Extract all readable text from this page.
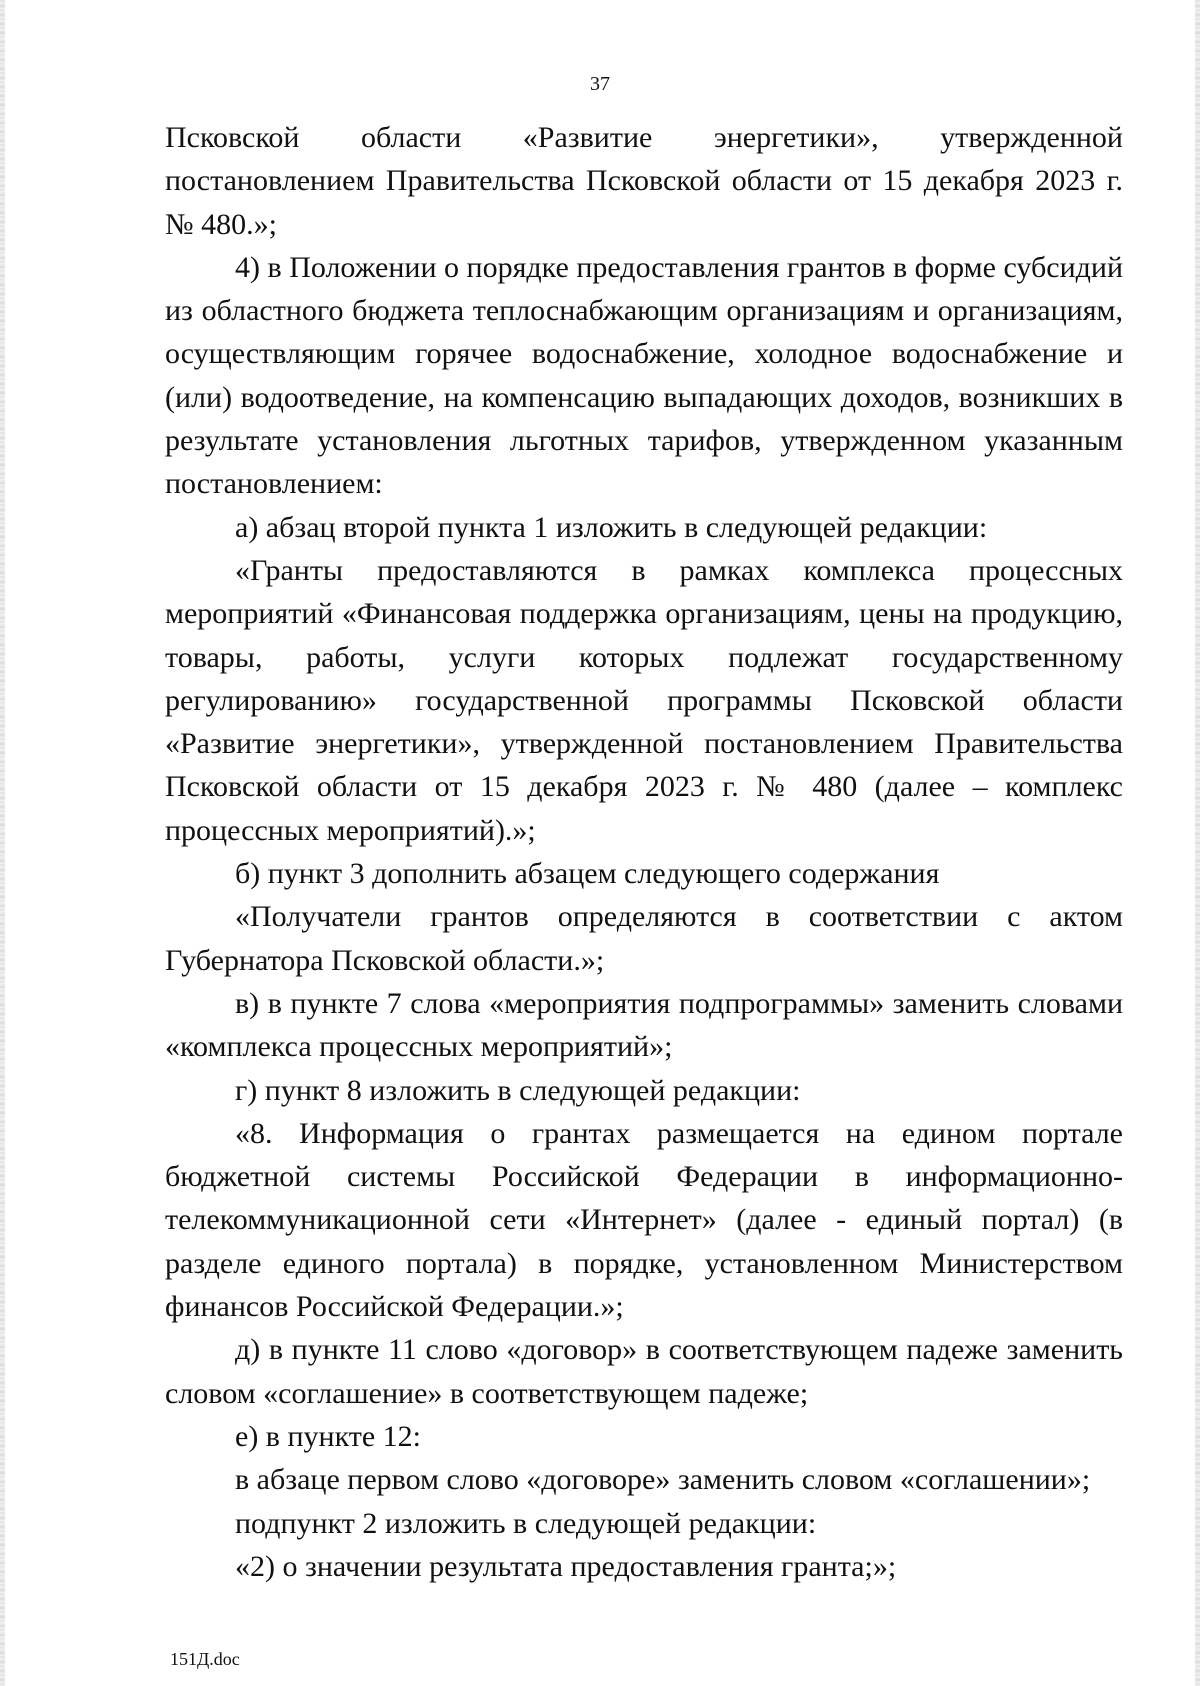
37

Псковской области «Развитие энергетики», утвержденной постановлением Правительства Псковской области от 15 декабря 2023 г. № 480.»;

4) в Положении о порядке предоставления грантов в форме субсидий из областного бюджета теплоснабжающим организациям и организациям, осуществляющим горячее водоснабжение, холодное водоснабжение и (или) водоотведение, на компенсацию выпадающих доходов, возникших в результате установления льготных тарифов, утвержденном указанным постановлением:

а) абзац второй пункта 1 изложить в следующей редакции:

«Гранты предоставляются в рамках комплекса процессных мероприятий «Финансовая поддержка организациям, цены на продукцию, товары, работы, услуги которых подлежат государственному регулированию» государственной программы Псковской области «Развитие энергетики», утвержденной постановлением Правительства Псковской области от 15 декабря 2023 г. № 480 (далее – комплекс процессных мероприятий).»;

б) пункт 3 дополнить абзацем следующего содержания

«Получатели грантов определяются в соответствии с актом Губернатора Псковской области.»;

в) в пункте 7 слова «мероприятия подпрограммы» заменить словами «комплекса процессных мероприятий»;

г) пункт 8 изложить в следующей редакции:

«8. Информация о грантах размещается на едином портале бюджетной системы Российской Федерации в информационно-телекоммуникационной сети «Интернет» (далее - единый портал) (в разделе единого портала) в порядке, установленном Министерством финансов Российской Федерации.»;

д) в пункте 11 слово «договор» в соответствующем падеже заменить словом «соглашение» в соответствующем падеже;

е) в пункте 12:

в абзаце первом слово «договоре» заменить словом «соглашении»;

подпункт 2 изложить в следующей редакции:

«2) о значении результата предоставления гранта;»;

151Д.doc
